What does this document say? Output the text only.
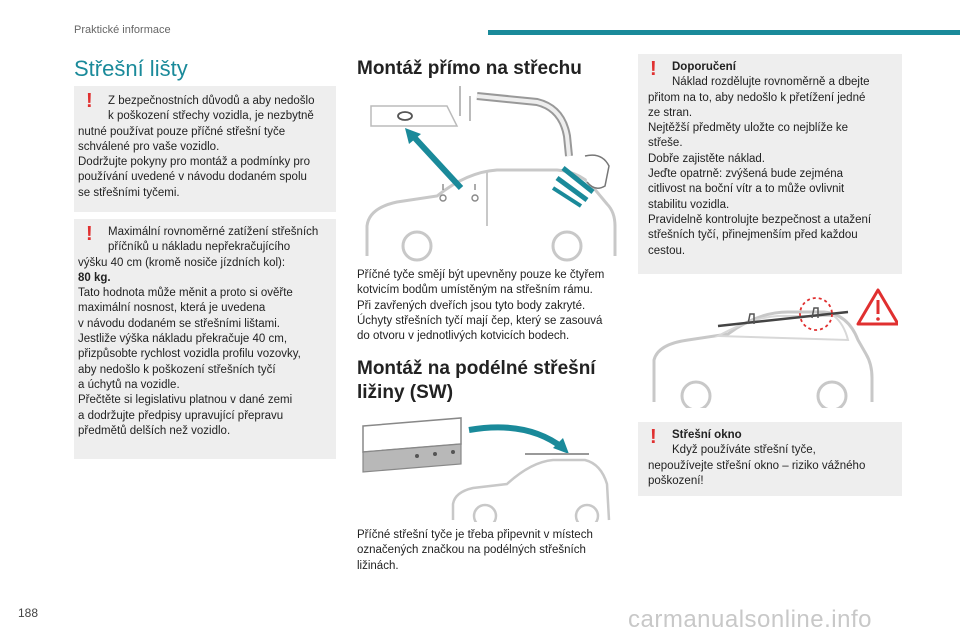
Praktické informace
Střešní lišty
!	Z bezpečnostních důvodů a aby nedošlo
k poškození střechy vozidla, je nezbytně
nutné používat pouze příčné střešní tyče
schválené pro vaše vozidlo.
Dodržujte pokyny pro montáž a podmínky pro
používání uvedené v návodu dodaném spolu
se střešními tyčemi.
!	Maximální rovnoměrné zatížení střešních
příčníků u nákladu nepřekračujícího
výšku 40 cm (kromě nosiče jízdních kol):
80 kg.
Tato hodnota může měnit a proto si ověřte
maximální nosnost, která je uvedena
v návodu dodaném se střešními lištami.
Jestliže výška nákladu překračuje 40 cm,
přizpůsobte rychlost vozidla profilu vozovky,
aby nedošlo k poškození střešních tyčí
a úchytů na vozidle.
Přečtěte si legislativu platnou v dané zemi
a dodržujte předpisy upravující přepravu
předmětů delších než vozidlo.
Montáž přímo na střechu
Příčné tyče smějí být upevněny pouze ke čtyřem
kotvicím bodům umístěným na střešním rámu.
Při zavřených dveřích jsou tyto body zakryté.
Úchyty střešních tyčí mají čep, který se zasouvá
do otvoru v jednotlivých kotvicích bodech.
Montáž na podélné střešní
ližiny (SW)
Příčné střešní tyče je třeba připevnit v místech
označených značkou na podélných střešních
ližinách.
!	Doporučení
Náklad rozdělujte rovnoměrně a dbejte
přitom na to, aby nedošlo k přetížení jedné
ze stran.
Nejtěžší předměty uložte co nejblíže ke
střeše.
Dobře zajistěte náklad.
Jeďte opatrně: zvýšená bude zejména
citlivost na boční vítr a to může ovlivnit
stabilitu vozidla.
Pravidelně kontrolujte bezpečnost a utažení
střešních tyčí, přinejmenším před každou
cestou.
!	Střešní okno
Když používáte střešní tyče,
nepoužívejte střešní okno – riziko vážného
poškození!
188	carmanualsonline.info
